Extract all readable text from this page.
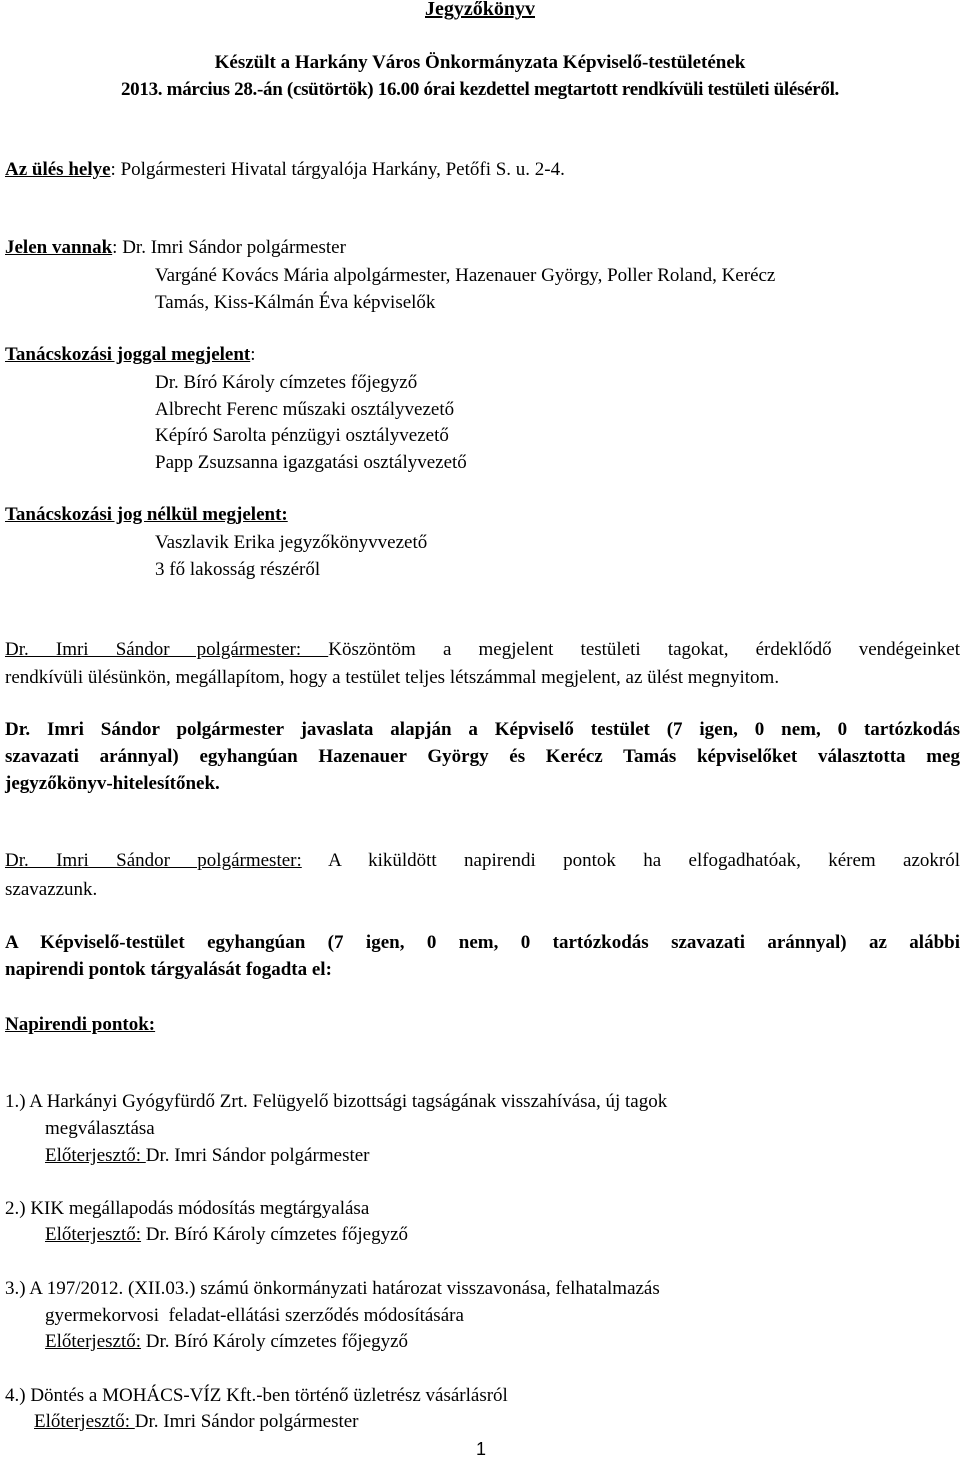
Jegyzőkönyv
Készült a Harkány Város Önkormányzata Képviselő-testületének
2013. március 28.-án (csütörtök) 16.00 órai kezdettel megtartott rendkívüli testületi üléséről.
Az ülés helye: Polgármesteri Hivatal tárgyalója Harkány, Petőfi S. u. 2-4.
Jelen vannak: Dr. Imri Sándor polgármester
Vargáné Kovács Mária alpolgármester, Hazenauer György, Poller Roland, Kerécz
Tamás, Kiss-Kálmán Éva képviselők
Tanácskozási joggal megjelent:
Dr. Bíró Károly címzetes főjegyző
Albrecht Ferenc műszaki osztályvezető
Képíró Sarolta pénzügyi osztályvezető
Papp Zsuzsanna igazgatási osztályvezető
Tanácskozási jog nélkül megjelent:
Vaszlavik Erika jegyzőkönyvvezető
3 fő lakosság részéről
Dr. Imri Sándor polgármester: Köszöntöm a megjelent testületi tagokat, érdeklődő vendégeinket
rendkívüli ülésünkön, megállapítom, hogy a testület teljes létszámmal megjelent, az ülést megnyitom.
Dr. Imri Sándor polgármester javaslata alapján a Képviselő testület (7 igen, 0 nem, 0 tartózkodás
szavazati aránnyal) egyhangúan Hazenauer György és Kerécz Tamás képviselőket választotta meg
jegyzőkönyv-hitelesítőnek.
Dr. Imri Sándor polgármester: A kiküldött napirendi pontok ha elfogadhatóak, kérem azokról
szavazzunk.
A Képviselő-testület egyhangúan (7 igen, 0 nem, 0 tartózkodás szavazati aránnyal) az alábbi
napirendi pontok tárgyalását fogadta el:
Napirendi pontok:
1.) A Harkányi Gyógyfürdő Zrt. Felügyelő bizottsági tagságának visszahívása, új tagok
megválasztása
Előterjesztő: Dr. Imri Sándor polgármester
2.) KIK megállapodás módosítás megtárgyalása
Előterjesztő: Dr. Bíró Károly címzetes főjegyző
3.) A 197/2012. (XII.03.) számú önkormányzati határozat visszavonása, felhatalmazás
gyermekorvosi  feladat-ellátási szerződés módosítására
Előterjesztő: Dr. Bíró Károly címzetes főjegyző
4.) Döntés a MOHÁCS-VÍZ Kft.-ben történő üzletrész vásárlásról
Előterjesztő: Dr. Imri Sándor polgármester
1
